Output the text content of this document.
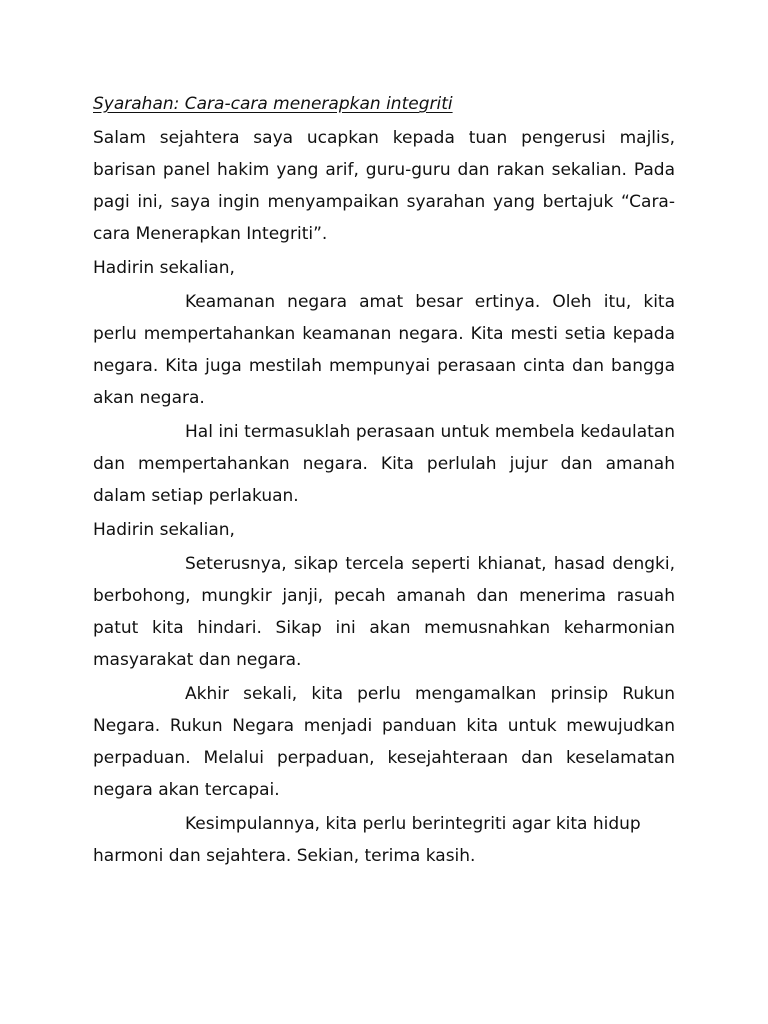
Syarahan: Cara-cara menerapkan integriti

Salam sejahtera saya ucapkan kepada tuan pengerusi majlis, barisan panel hakim yang arif, guru-guru dan rakan sekalian. Pada pagi ini, saya ingin menyampaikan syarahan yang bertajuk “Cara-cara Menerapkan Integriti”.

Hadirin sekalian,

Keamanan negara amat besar ertinya. Oleh itu, kita perlu mempertahankan keamanan negara. Kita mesti setia kepada negara. Kita juga mestilah mempunyai perasaan cinta dan bangga akan negara.

Hal ini termasuklah perasaan untuk membela kedaulatan dan mempertahankan negara. Kita perlulah jujur dan amanah dalam setiap perlakuan.

Hadirin sekalian,

Seterusnya, sikap tercela seperti khianat, hasad dengki, berbohong, mungkir janji, pecah amanah dan menerima rasuah patut kita hindari. Sikap ini akan memusnahkan keharmonian masyarakat dan negara.

Akhir sekali, kita perlu mengamalkan prinsip Rukun Negara. Rukun Negara menjadi panduan kita untuk mewujudkan perpaduan. Melalui perpaduan, kesejahteraan dan keselamatan negara akan tercapai.

Kesimpulannya, kita perlu berintegriti agar kita hidup harmoni dan sejahtera. Sekian, terima kasih.
